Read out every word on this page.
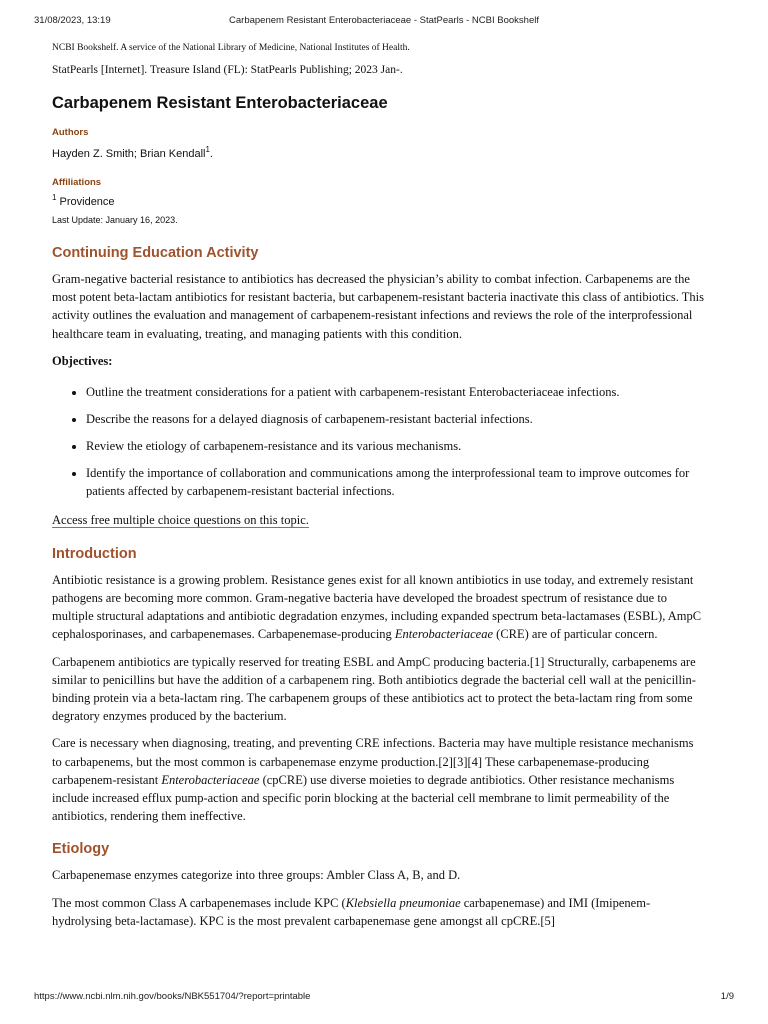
31/08/2023, 13:19	Carbapenem Resistant Enterobacteriaceae - StatPearls - NCBI Bookshelf

NCBI Bookshelf. A service of the National Library of Medicine, National Institutes of Health.

StatPearls [Internet]. Treasure Island (FL): StatPearls Publishing; 2023 Jan-.

Carbapenem Resistant Enterobacteriaceae

Authors

Hayden Z. Smith; Brian Kendall$^1$.

Affiliations

$^1$ Providence

Last Update: January 16, 2023.

Continuing Education Activity

Gram-negative bacterial resistance to antibiotics has decreased the physician’s ability to combat infection. Carbapenems are the most potent beta-lactam antibiotics for resistant bacteria, but carbapenem-resistant bacteria inactivate this class of antibiotics. This activity outlines the evaluation and management of carbapenem-resistant infections and reviews the role of the interprofessional healthcare team in evaluating, treating, and managing patients with this condition.

Objectives:

• Outline the treatment considerations for a patient with carbapenem-resistant Enterobacteriaceae infections.
• Describe the reasons for a delayed diagnosis of carbapenem-resistant bacterial infections.
• Review the etiology of carbapenem-resistance and its various mechanisms.
• Identify the importance of collaboration and communications among the interprofessional team to improve outcomes for patients affected by carbapenem-resistant bacterial infections.

Access free multiple choice questions on this topic.

Introduction

Antibiotic resistance is a growing problem. Resistance genes exist for all known antibiotics in use today, and extremely resistant pathogens are becoming more common. Gram-negative bacteria have developed the broadest spectrum of resistance due to multiple structural adaptations and antibiotic degradation enzymes, including expanded spectrum beta-lactamases (ESBL), AmpC cephalosporinases, and carbapenemases. Carbapenemase-producing Enterobacteriaceae (CRE) are of particular concern.

Carbapenem antibiotics are typically reserved for treating ESBL and AmpC producing bacteria.[1] Structurally, carbapenems are similar to penicillins but have the addition of a carbapenem ring. Both antibiotics degrade the bacterial cell wall at the penicillin-binding protein via a beta-lactam ring. The carbapenem groups of these antibiotics act to protect the beta-lactam ring from some degratory enzymes produced by the bacterium.

Care is necessary when diagnosing, treating, and preventing CRE infections. Bacteria may have multiple resistance mechanisms to carbapenems, but the most common is carbapenemase enzyme production.[2][3][4] These carbapenemase-producing carbapenem-resistant Enterobacteriaceae (cpCRE) use diverse moieties to degrade antibiotics. Other resistance mechanisms include increased efflux pump-action and specific porin blocking at the bacterial cell membrane to limit permeability of the antibiotics, rendering them ineffective.

Etiology

Carbapenemase enzymes categorize into three groups: Ambler Class A, B, and D.

The most common Class A carbapenemases include KPC (Klebsiella pneumoniae carbapenemase) and IMI (Imipenem-hydrolysing beta-lactamase). KPC is the most prevalent carbapenemase gene amongst all cpCRE.[5]

https://www.ncbi.nlm.nih.gov/books/NBK551704/?report=printable	1/9
